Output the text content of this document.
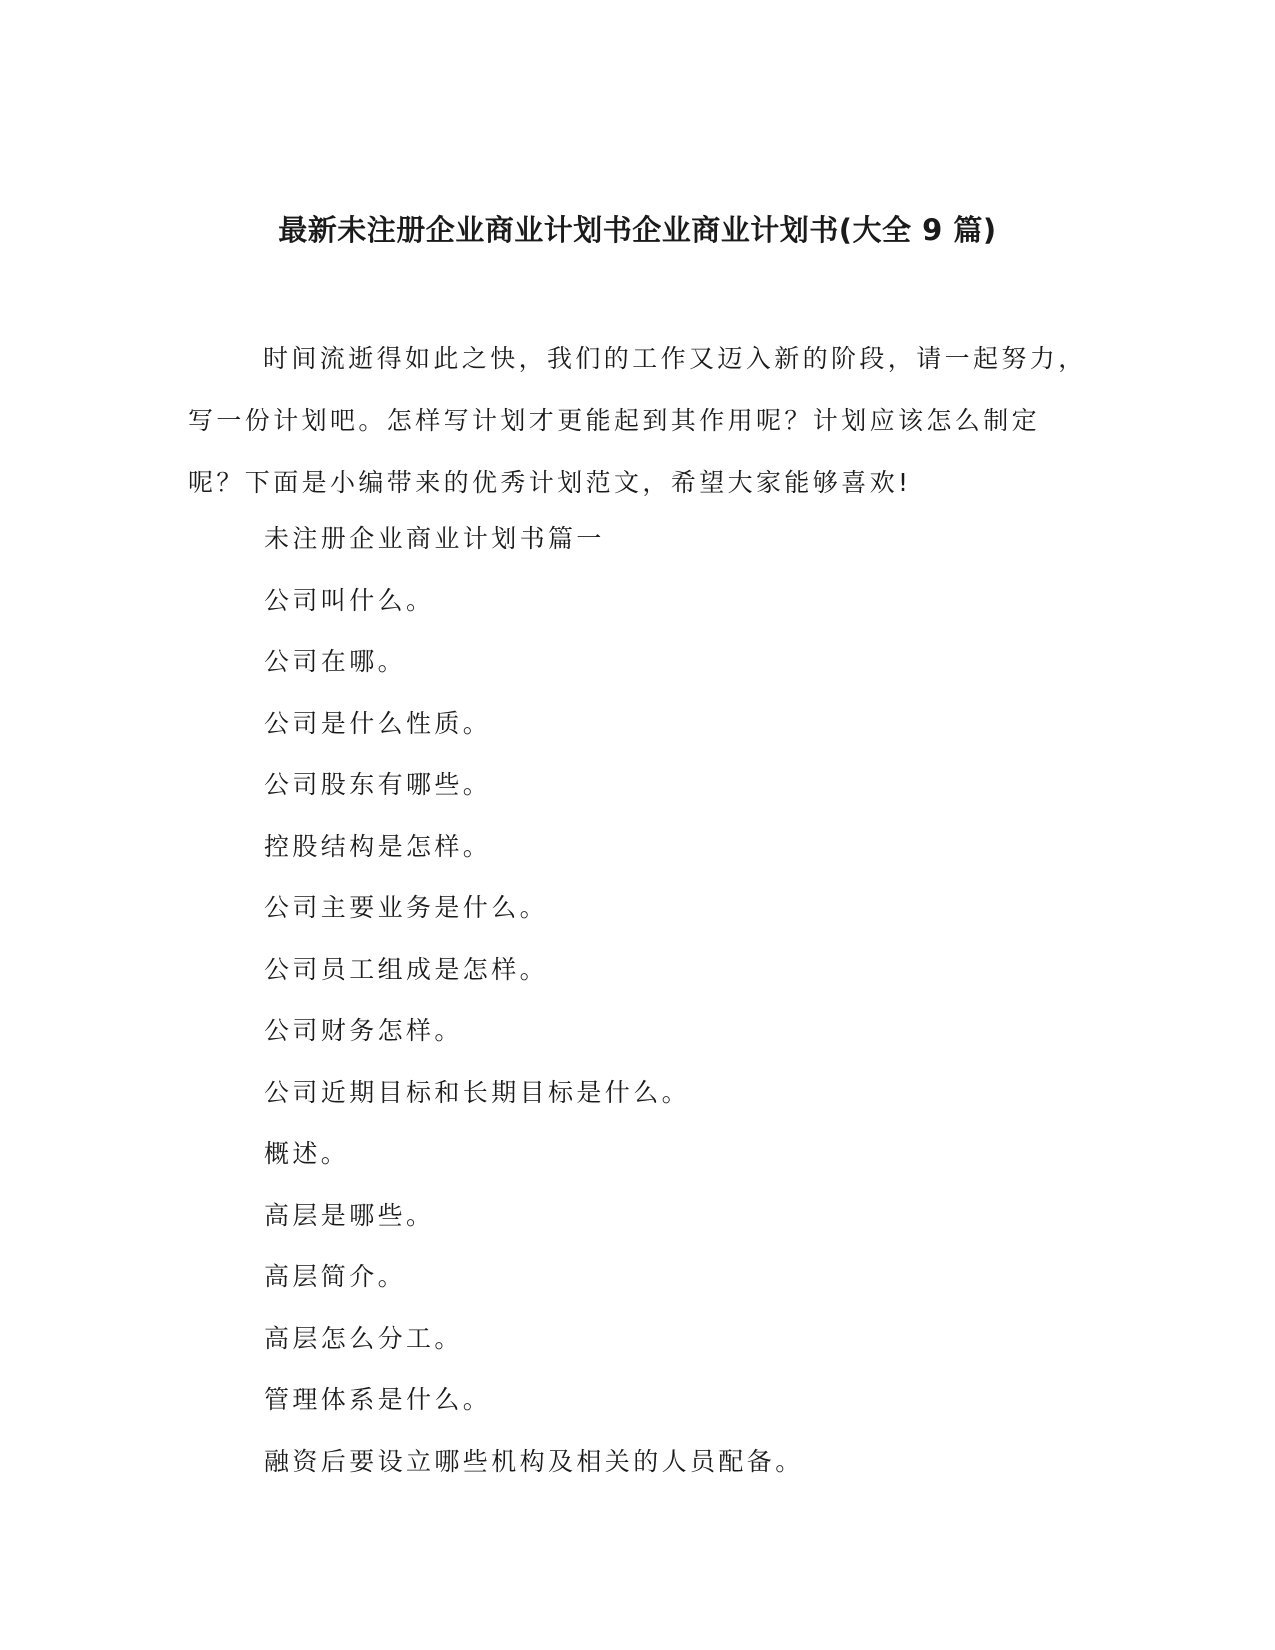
最新未注册企业商业计划书企业商业计划书(大全 9 篇)

时间流逝得如此之快，我们的工作又迈入新的阶段，请一起努力，写一份计划吧。怎样写计划才更能起到其作用呢？计划应该怎么制定呢？下面是小编带来的优秀计划范文，希望大家能够喜欢!

未注册企业商业计划书篇一
公司叫什么。
公司在哪。
公司是什么性质。
公司股东有哪些。
控股结构是怎样。
公司主要业务是什么。
公司员工组成是怎样。
公司财务怎样。
公司近期目标和长期目标是什么。
概述。
高层是哪些。
高层简介。
高层怎么分工。
管理体系是什么。
融资后要设立哪些机构及相关的人员配备。
